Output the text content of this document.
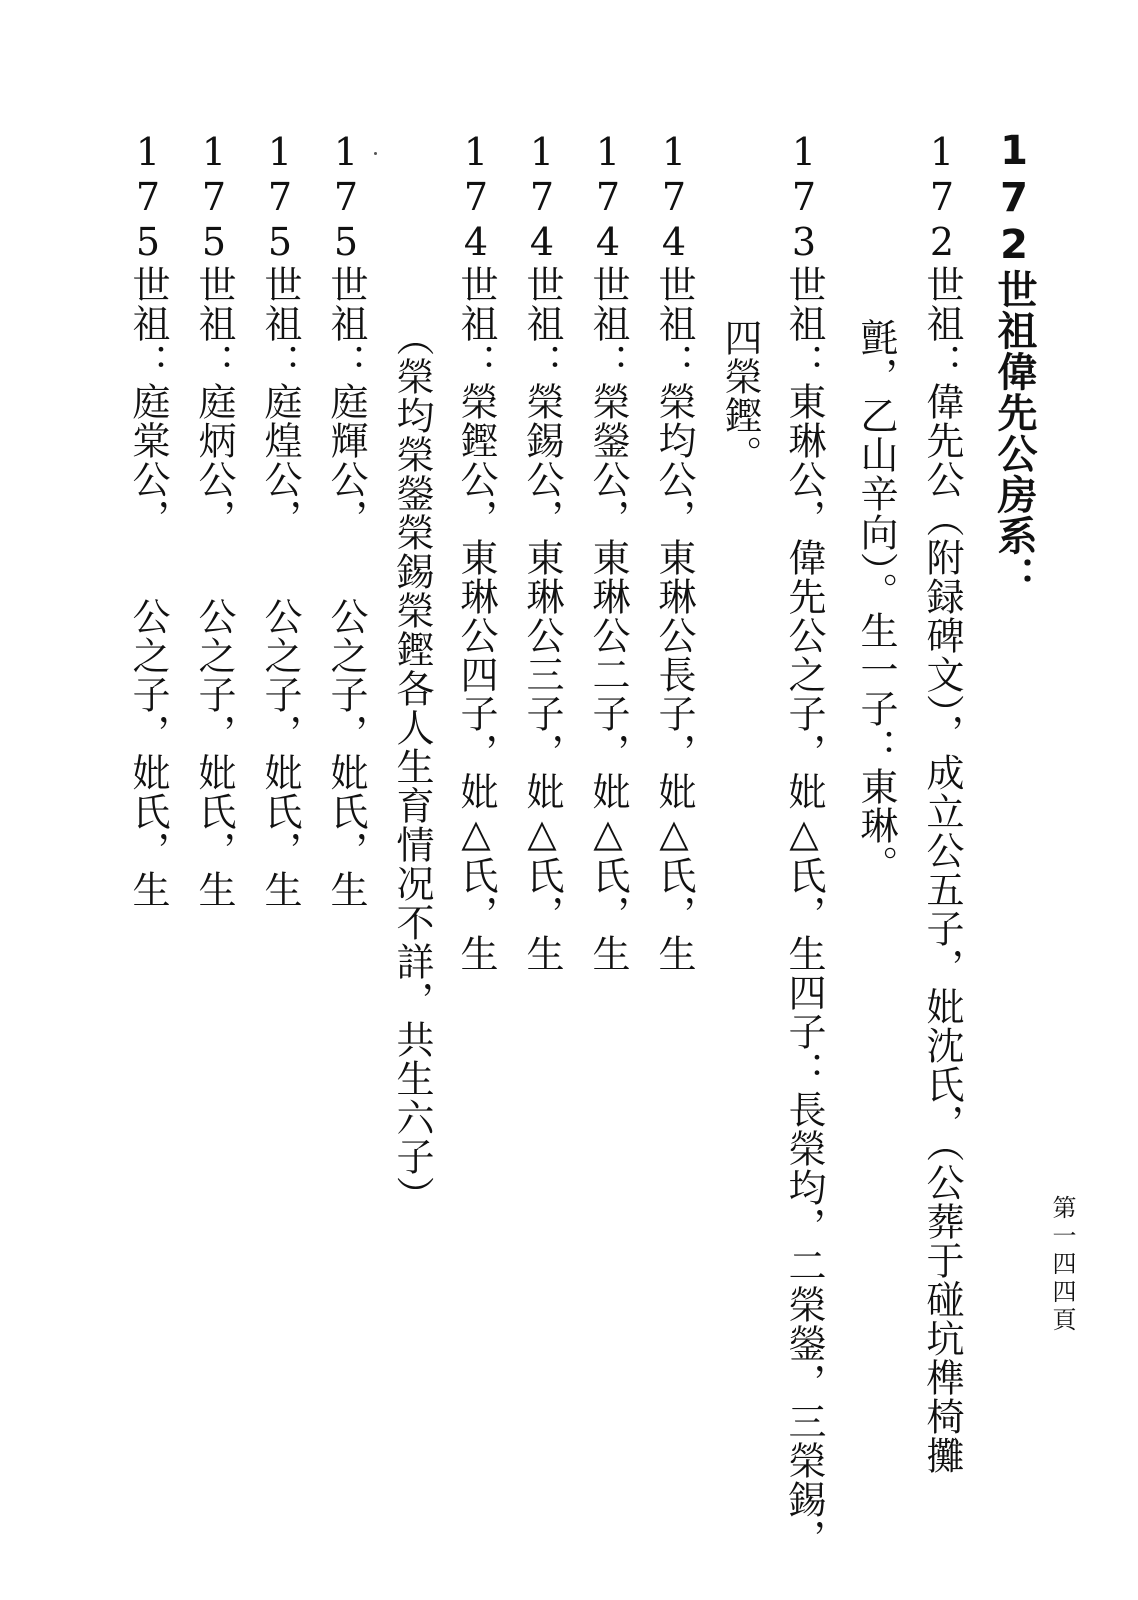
172世祖偉先公房系：
172世祖：偉先公（附録碑文），成立公五子，妣沈氏，（公葬于碰坑榫椅攤
氈，乙山辛向）。生一子：東琳。
173世祖：東琳公，偉先公之子，妣△氏，生四子：長榮均，二榮鎣，三榮錫，
四榮鏗。
174世祖：榮均公，東琳公長子，妣△氏，生
174世祖：榮鎣公，東琳公二子，妣△氏，生
174世祖：榮錫公，東琳公三子，妣△氏，生
174世祖：榮鏗公，東琳公四子，妣△氏，生
（榮均榮鎣榮錫榮鏗各人生育情况不詳，共生六子）
175世祖：庭輝公，　　公之子，妣氏，生
175世祖：庭煌公，　　公之子，妣氏，生
175世祖：庭炳公，　　公之子，妣氏，生
175世祖：庭棠公，　　公之子，妣氏，生
第一四四頁
